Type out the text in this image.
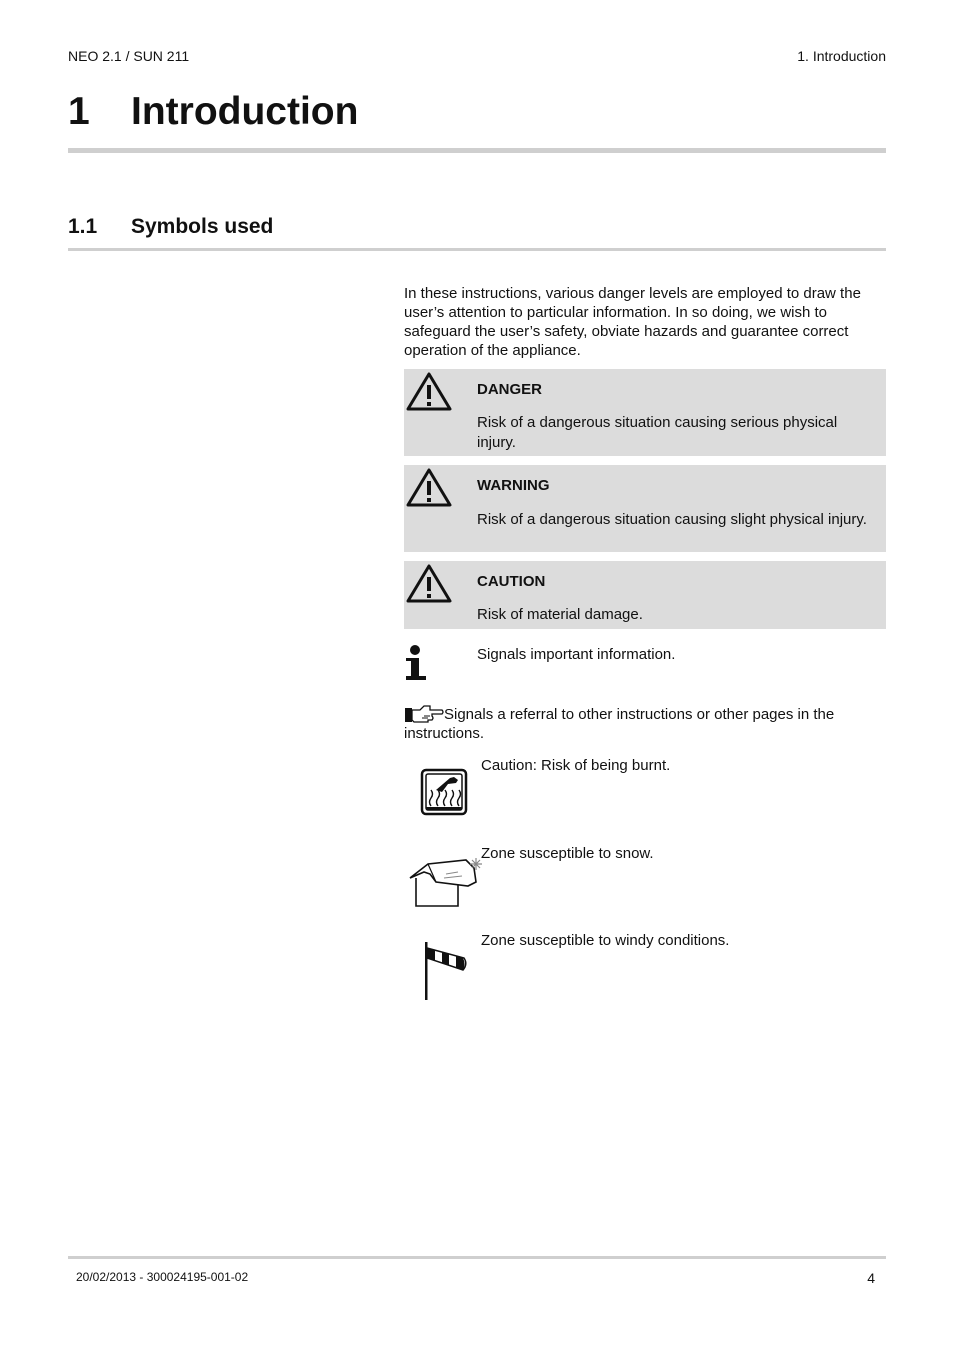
NEO 2.1 / SUN 211	1. Introduction
1	Introduction
1.1	Symbols used
In these instructions, various danger levels are employed to draw the user’s attention to particular information. In so doing, we wish to safeguard the user’s safety, obviate hazards and guarantee correct operation of the appliance.
DANGER
Risk of a dangerous situation causing serious physical injury.
WARNING
Risk of a dangerous situation causing slight physical injury.
CAUTION
Risk of material damage.
Signals important information.
Signals a referral to other instructions or other pages in the instructions.
Caution: Risk of being burnt.
Zone susceptible to snow.
Zone susceptible to windy conditions.
20/02/2013 - 300024195-001-02	4
